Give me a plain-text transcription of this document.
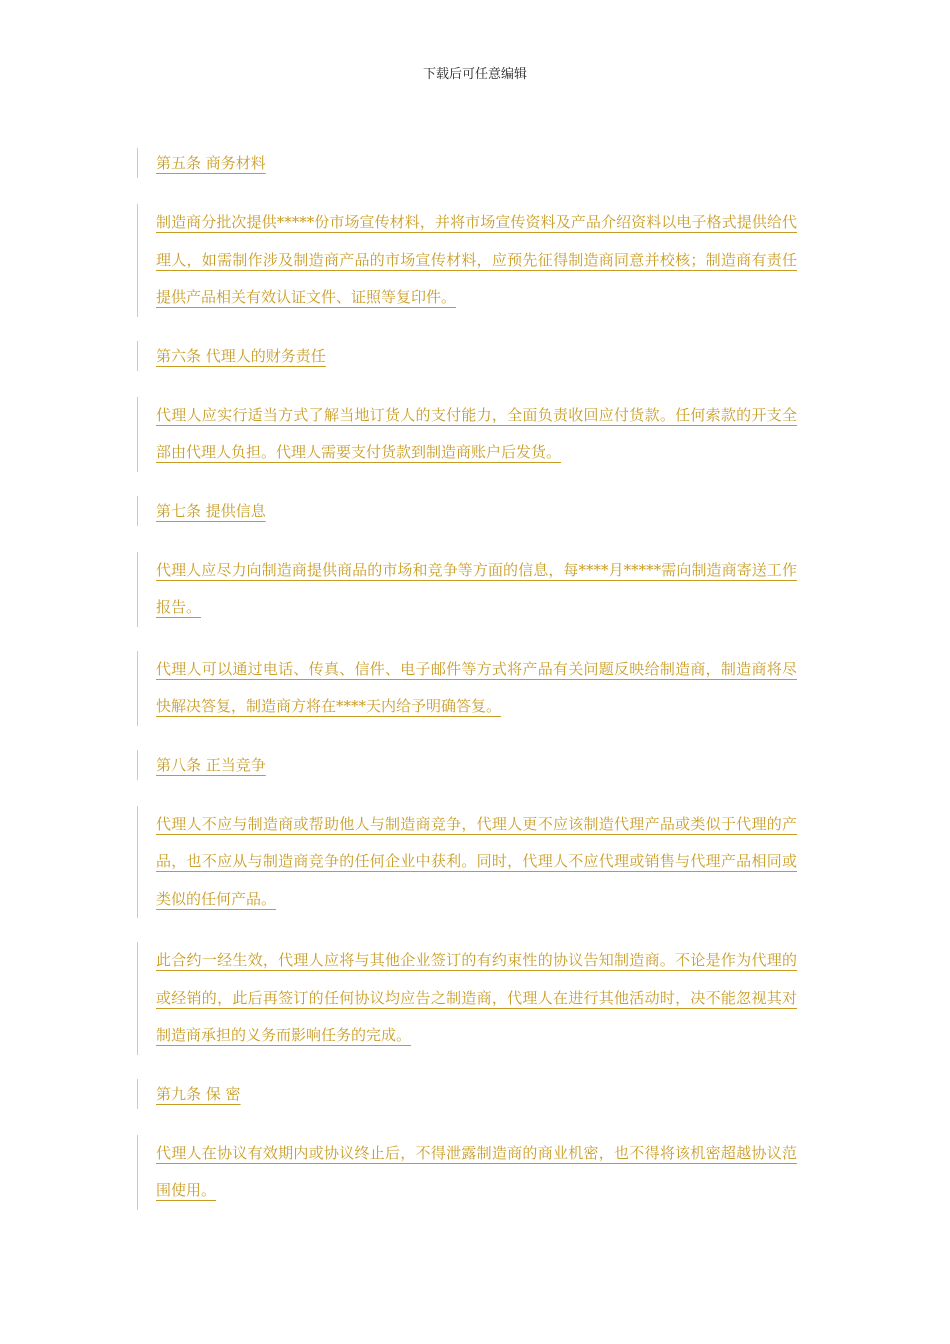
下载后可任意编辑

第五条 商务材料

制造商分批次提供*****份市场宣传材料，并将市场宣传资料及产品介绍资料以电子格式提供给代理人，如需制作涉及制造商产品的市场宣传材料，应预先征得制造商同意并校核；制造商有责任提供产品相关有效认证文件、证照等复印件。

第六条 代理人的财务责任

代理人应实行适当方式了解当地订货人的支付能力，全面负责收回应付货款。任何索款的开支全部由代理人负担。代理人需要支付货款到制造商账户后发货。

第七条 提供信息

代理人应尽力向制造商提供商品的市场和竞争等方面的信息，每****月*****需向制造商寄送工作报告。

代理人可以通过电话、传真、信件、电子邮件等方式将产品有关问题反映给制造商，制造商将尽快解决答复，制造商方将在****天内给予明确答复。

第八条 正当竞争

代理人不应与制造商或帮助他人与制造商竞争，代理人更不应该制造代理产品或类似于代理的产品，也不应从与制造商竞争的任何企业中获利。同时，代理人不应代理或销售与代理产品相同或类似的任何产品。

此合约一经生效，代理人应将与其他企业签订的有约束性的协议告知制造商。不论是作为代理的或经销的，此后再签订的任何协议均应告之制造商，代理人在进行其他活动时，决不能忽视其对制造商承担的义务而影响任务的完成。

第九条 保 密

代理人在协议有效期内或协议终止后，不得泄露制造商的商业机密，也不得将该机密超越协议范围使用。
